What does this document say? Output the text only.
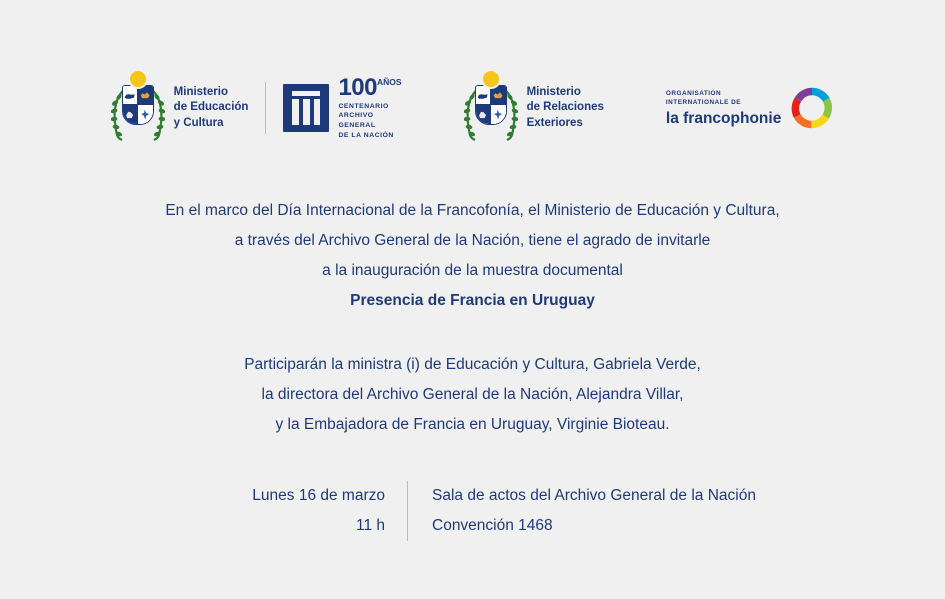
Ministerio
de Educación
y Cultura
$100^{AÑOS}$
CENTENARIO
ARCHIVO
GENERAL
DE LA NACIÓN
Ministerio
de Relaciones
Exteriores
ORGANISATION
INTERNATIONALE DE
la francophonie

En el marco del Día Internacional de la Francofonía, el Ministerio de Educación y Cultura,

a través del Archivo General de la Nación, tiene el agrado de invitarle

a la inauguración de la muestra documental

Presencia de Francia en Uruguay

Participarán la ministra (i) de Educación y Cultura, Gabriela Verde,

la directora del Archivo General de la Nación, Alejandra Villar,

y la Embajadora de Francia en Uruguay, Virginie Bioteau.

Lunes 16 de marzo

11 h

Sala de actos del Archivo General de la Nación

Convención 1468
